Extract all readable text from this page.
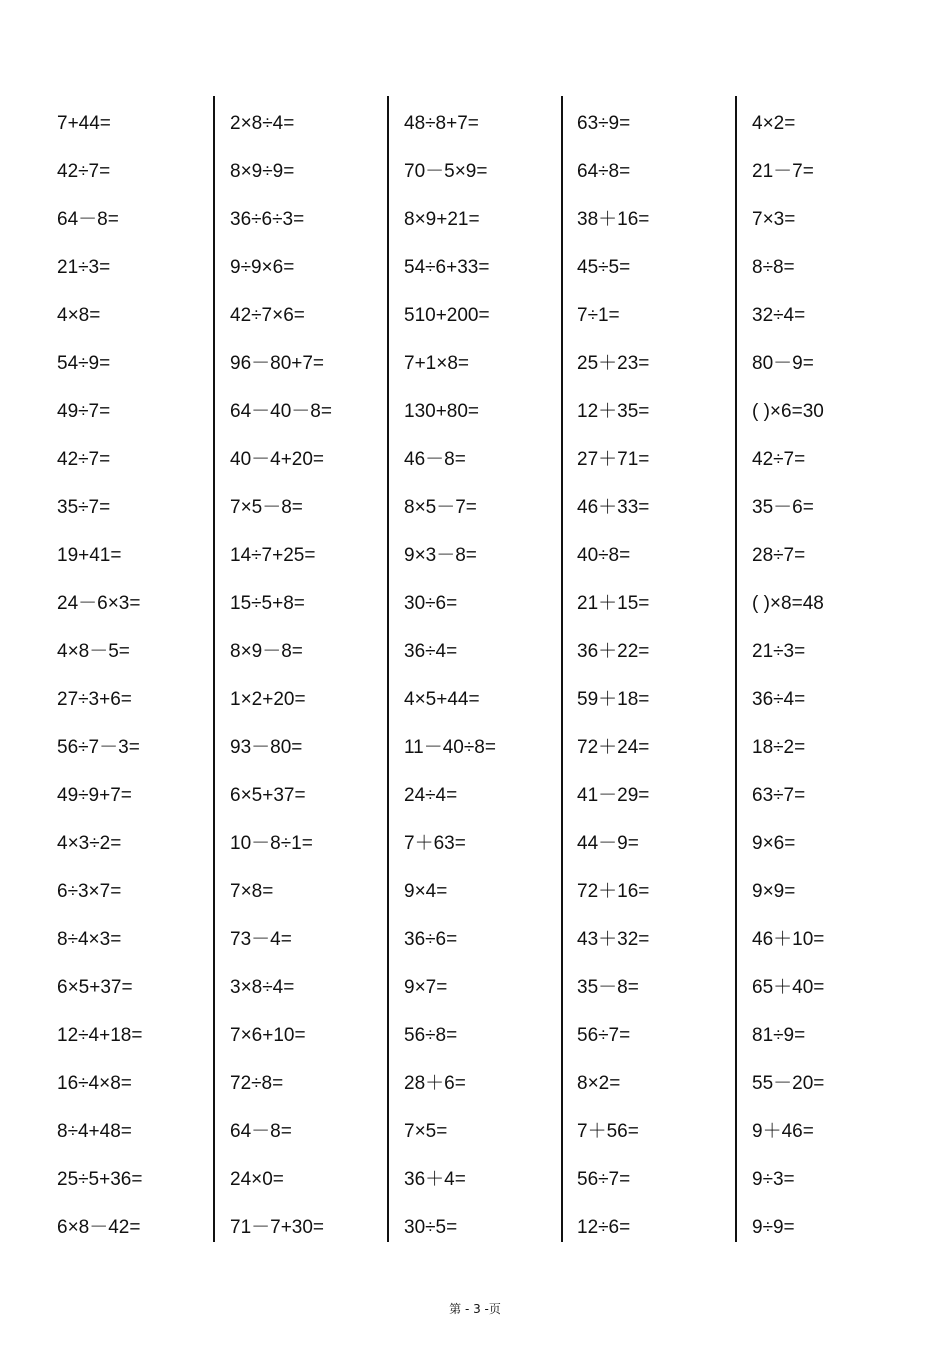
7+44=
42÷7=
64－8=
21÷3=
4×8=
54÷9=
49÷7=
42÷7=
35÷7=
19+41=
24－6×3=
4×8－5=
27÷3+6=
56÷7－3=
49÷9+7=
4×3÷2=
6÷3×7=
8÷4×3=
6×5+37=
12÷4+18=
16÷4×8=
8÷4+48=
25÷5+36=
6×8－42=
2×8÷4=
8×9÷9=
36÷6÷3=
9÷9×6=
42÷7×6=
96－80+7=
64－40－8=
40－4+20=
7×5－8=
14÷7+25=
15÷5+8=
8×9－8=
1×2+20=
93－80=
6×5+37=
10－8÷1=
7×8=
73－4=
3×8÷4=
7×6+10=
72÷8=
64－8=
24×0=
71－7+30=
48÷8+7=
70－5×9=
8×9+21=
54÷6+33=
510+200=
7+1×8=
130+80=
46－8=
8×5－7=
9×3－8=
30÷6=
36÷4=
4×5+44=
11－40÷8=
24÷4=
7＋63=
9×4=
36÷6=
9×7=
56÷8=
28＋6=
7×5=
36＋4=
30÷5=
63÷9=
64÷8=
38＋16=
45÷5=
7÷1=
25＋23=
12＋35=
27＋71=
46＋33=
40÷8=
21＋15=
36＋22=
59＋18=
72＋24=
41－29=
44－9=
72＋16=
43＋32=
35－8=
56÷7=
8×2=
7＋56=
56÷7=
12÷6=
4×2=
21－7=
7×3=
8÷8=
32÷4=
80－9=
( )×6=30
42÷7=
35－6=
28÷7=
( )×8=48
21÷3=
36÷4=
18÷2=
63÷7=
9×6=
9×9=
46＋10=
65＋40=
81÷9=
55－20=
9＋46=
9÷3=
9÷9=
第 - 3 -页
